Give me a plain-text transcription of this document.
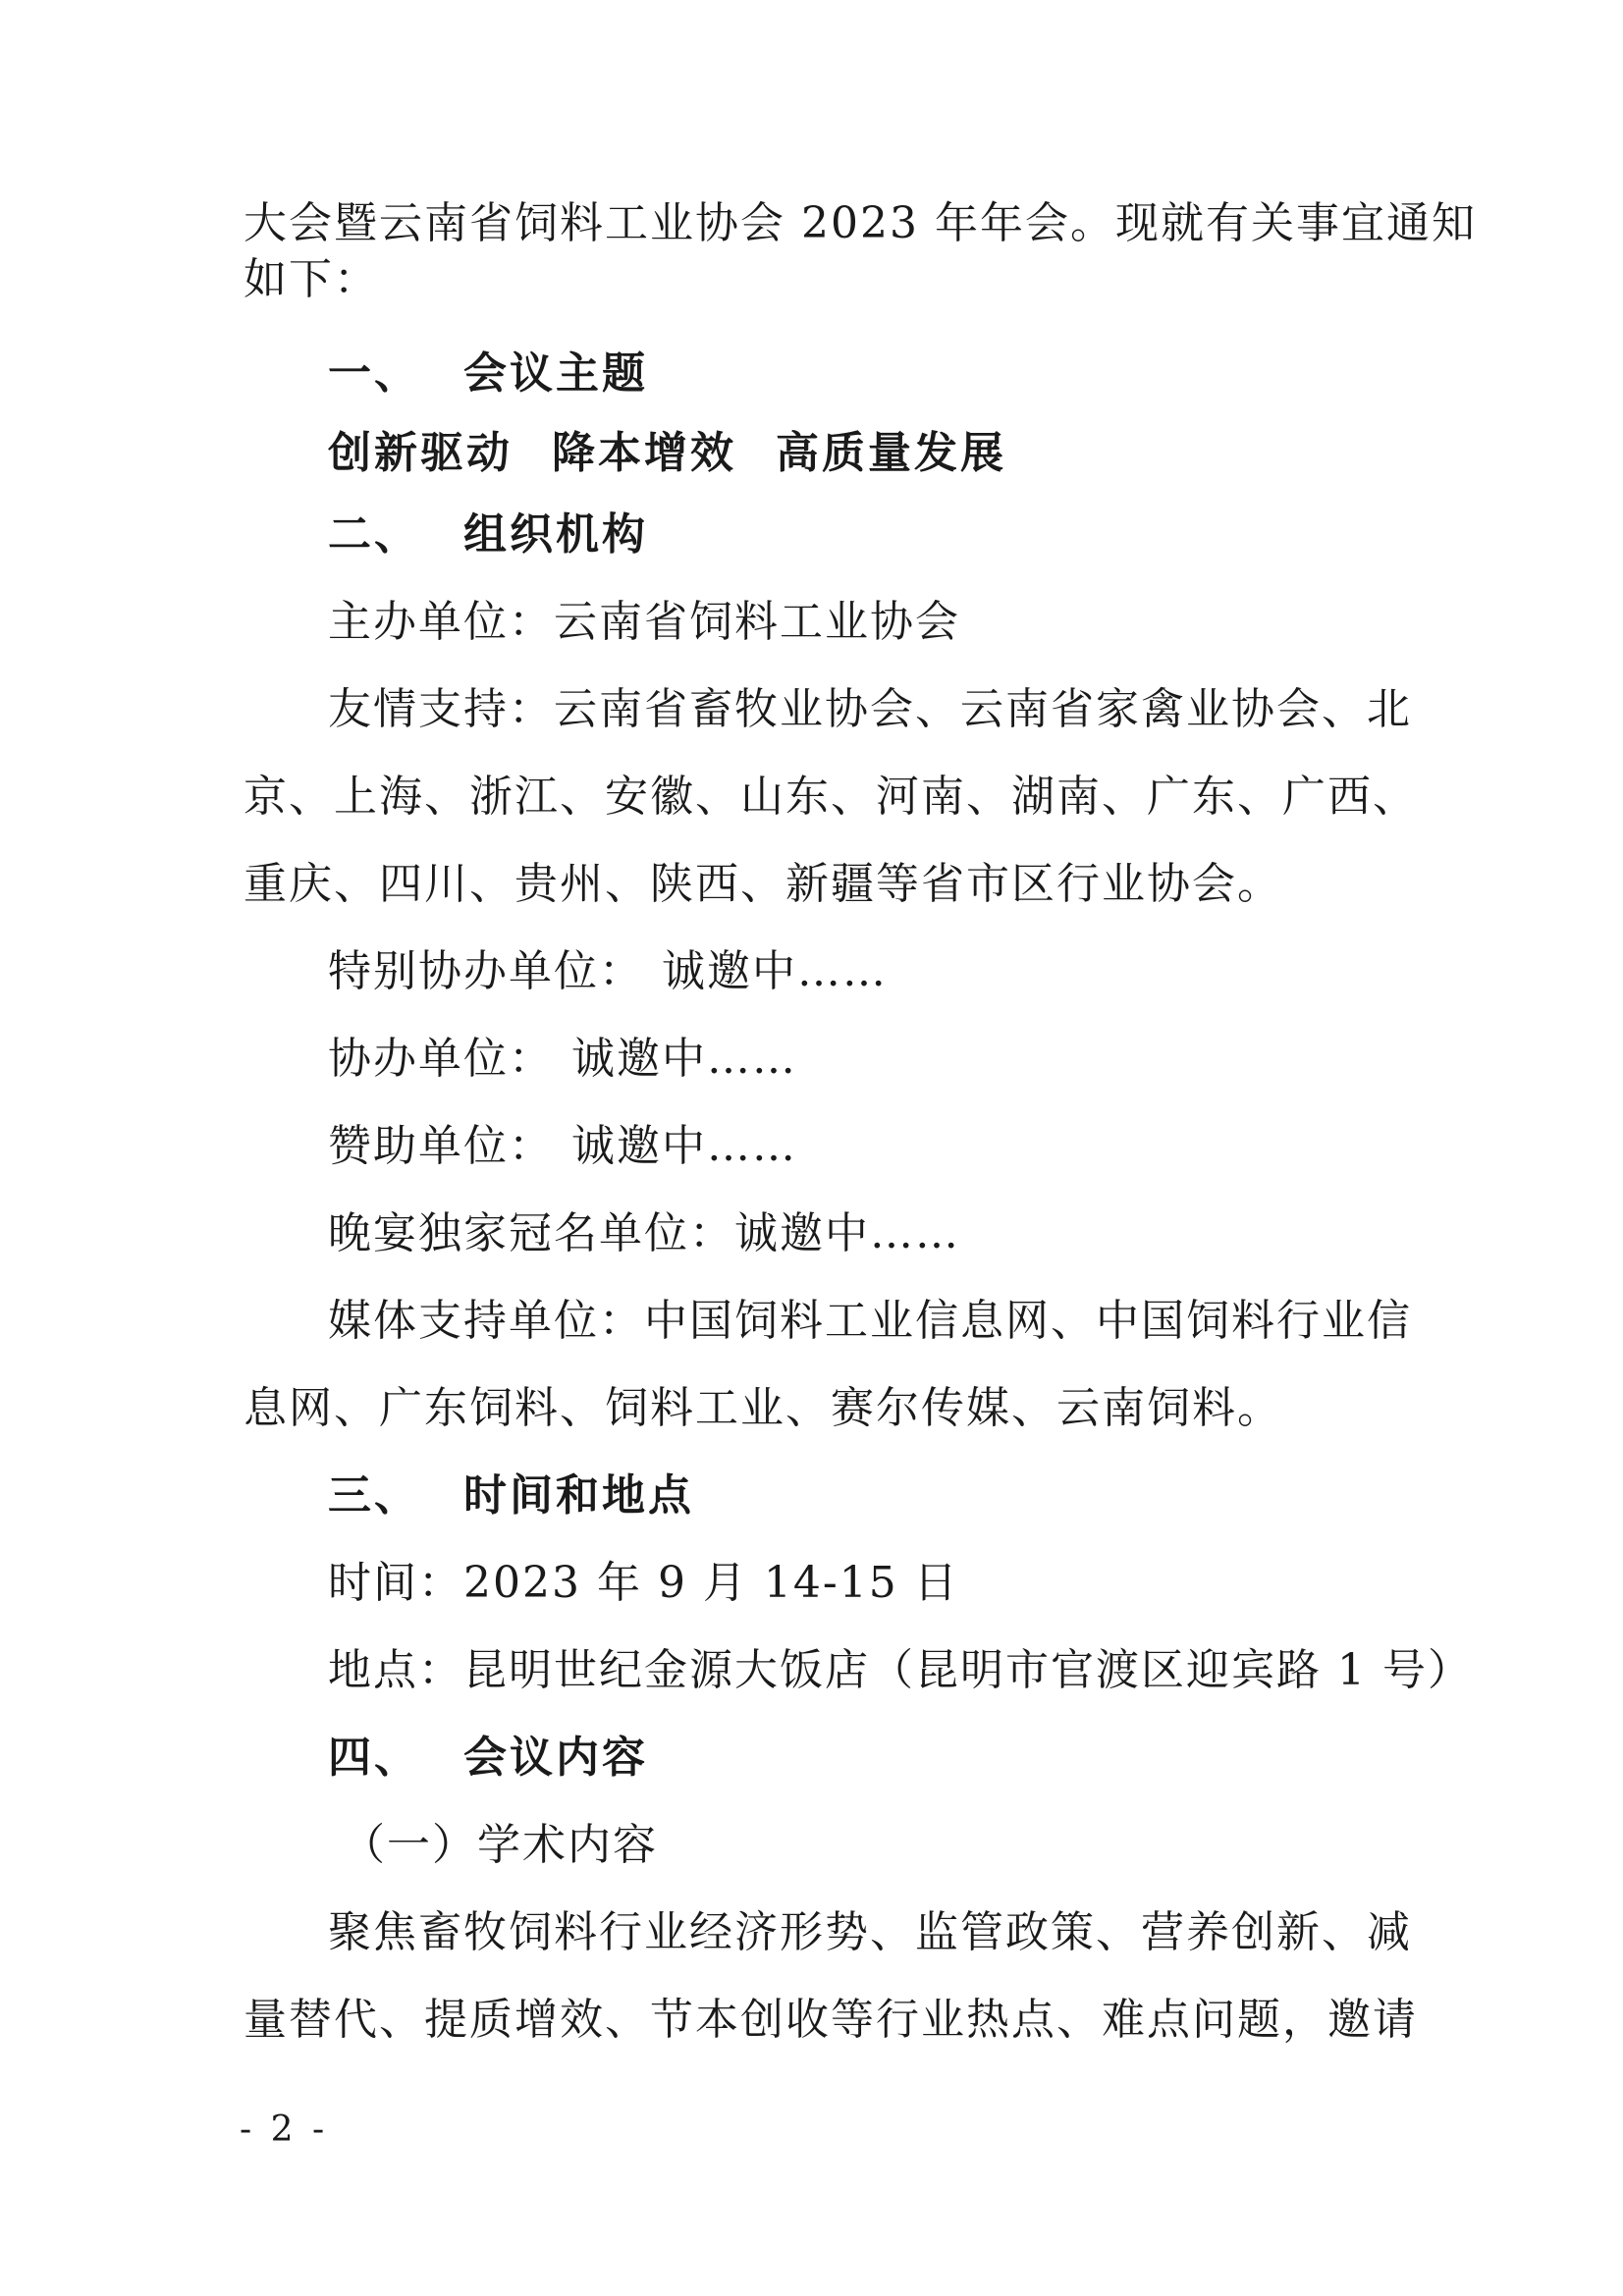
大会暨云南省饲料工业协会 2023 年年会。现就有关事宜通知
如下：
一、 会议主题
创新驱动 降本增效 高质量发展
二、 组织机构
主办单位：云南省饲料工业协会
友情支持：云南省畜牧业协会、云南省家禽业协会、北
京、上海、浙江、安徽、山东、河南、湖南、广东、广西、
重庆、四川、贵州、陕西、新疆等省市区行业协会。
特别协办单位： 诚邀中……
协办单位： 诚邀中……
赞助单位： 诚邀中……
晚宴独家冠名单位：诚邀中……
媒体支持单位：中国饲料工业信息网、中国饲料行业信
息网、广东饲料、饲料工业、赛尔传媒、云南饲料。
三、 时间和地点
时间：2023 年 9 月 14-15 日
地点：昆明世纪金源大饭店（昆明市官渡区迎宾路 1 号）
四、 会议内容
（一）学术内容
聚焦畜牧饲料行业经济形势、监管政策、营养创新、减
量替代、提质增效、节本创收等行业热点、难点问题，邀请
- 2 -
